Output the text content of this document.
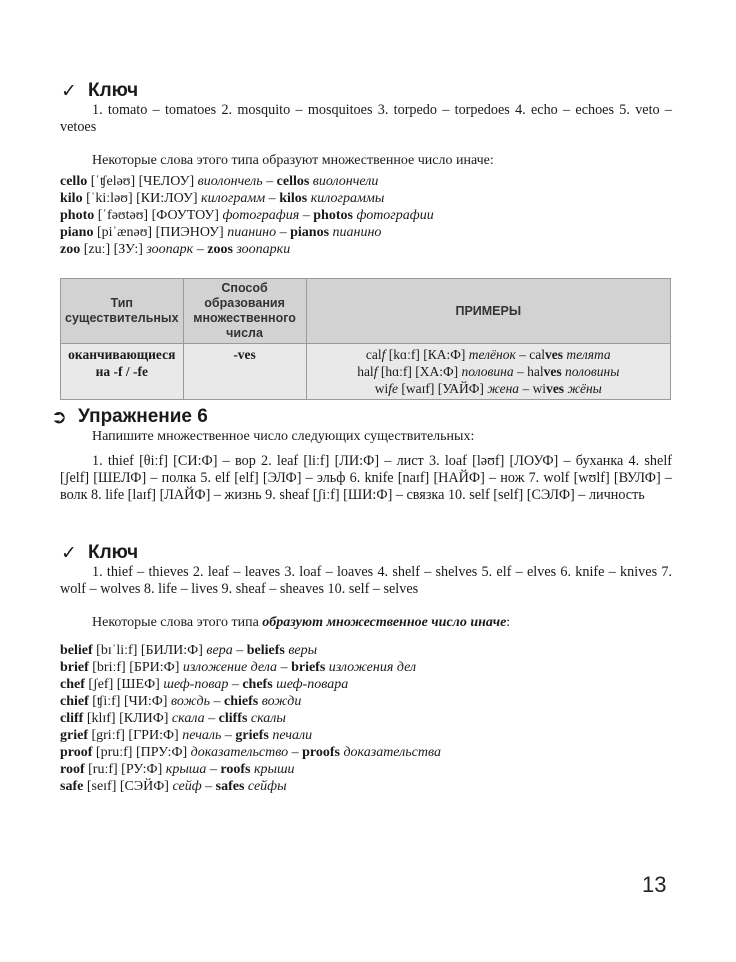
✓ Ключ

1. tomato – tomatoes 2. mosquito – mosquitoes 3. torpedo – torpedoes 4. echo – echoes 5. veto – vetoes

Некоторые слова этого типа образуют множественное число иначе:

cello [ˈʧeləʊ] [ЧЕЛОУ] виолончель – cellos виолончели
kilo [ˈkiːləʊ] [КИ:ЛОУ] килограмм – kilos килограммы
photo [ˈfəʊtəʊ] [ФОУТОУ] фотография – photos фотографии
piano [piˈænəʊ] [ПИЭНОУ] пианино – pianos пианино
zoo [zuː] [ЗУ:] зоопарк – zoos зоопарки
Тип существительных	Способ образования множественного числа	ПРИМЕРЫ
оканчивающиеся на -f / -fe	-ves	calf [kɑːf] [КА:Ф] телёнок – calves телята
half [hɑːf] [ХА:Ф] половина – halves половины
wife [waɪf] [УАЙФ] жена – wives жёны
➲ Упражнение 6

Напишите множественное число следующих существительных:

1. thief [θiːf] [СИ:Ф] – вор 2. leaf [liːf] [ЛИ:Ф] – лист 3. loaf [ləʊf] [ЛОУФ] – буханка 4. shelf [ʃelf] [ШЕЛФ] – полка 5. elf [elf] [ЭЛФ] – эльф 6. knife [naɪf] [НАЙФ] – нож 7. wolf [wʊlf] [ВУЛФ] – волк 8. life [laɪf] [ЛАЙФ] – жизнь 9. sheaf [ʃiːf] [ШИ:Ф] – связка 10. self [self] [СЭЛФ] – личность

✓ Ключ

1. thief – thieves 2. leaf – leaves 3. loaf – loaves 4. shelf – shelves 5. elf – elves 6. knife – knives 7. wolf – wolves 8. life – lives 9. sheaf – sheaves 10. self – selves

Некоторые слова этого типа образуют множественное число иначе:

belief [bɪˈliːf] [БИЛИ:Ф] вера – beliefs веры
brief [briːf] [БРИ:Ф] изложение дела – briefs изложения дел
chef [ʃef] [ШЕФ] шеф-повар – chefs шеф-повара
chief [ʧiːf] [ЧИ:Ф] вождь – chiefs вожди
cliff [klɪf] [КЛИФ] скала – cliffs скалы
grief [griːf] [ГРИ:Ф] печаль – griefs печали
proof [pruːf] [ПРУ:Ф] доказательство – proofs доказательства
roof [ruːf] [РУ:Ф] крыша – roofs крыши
safe [seɪf] [СЭЙФ] сейф – safes сейфы
13
